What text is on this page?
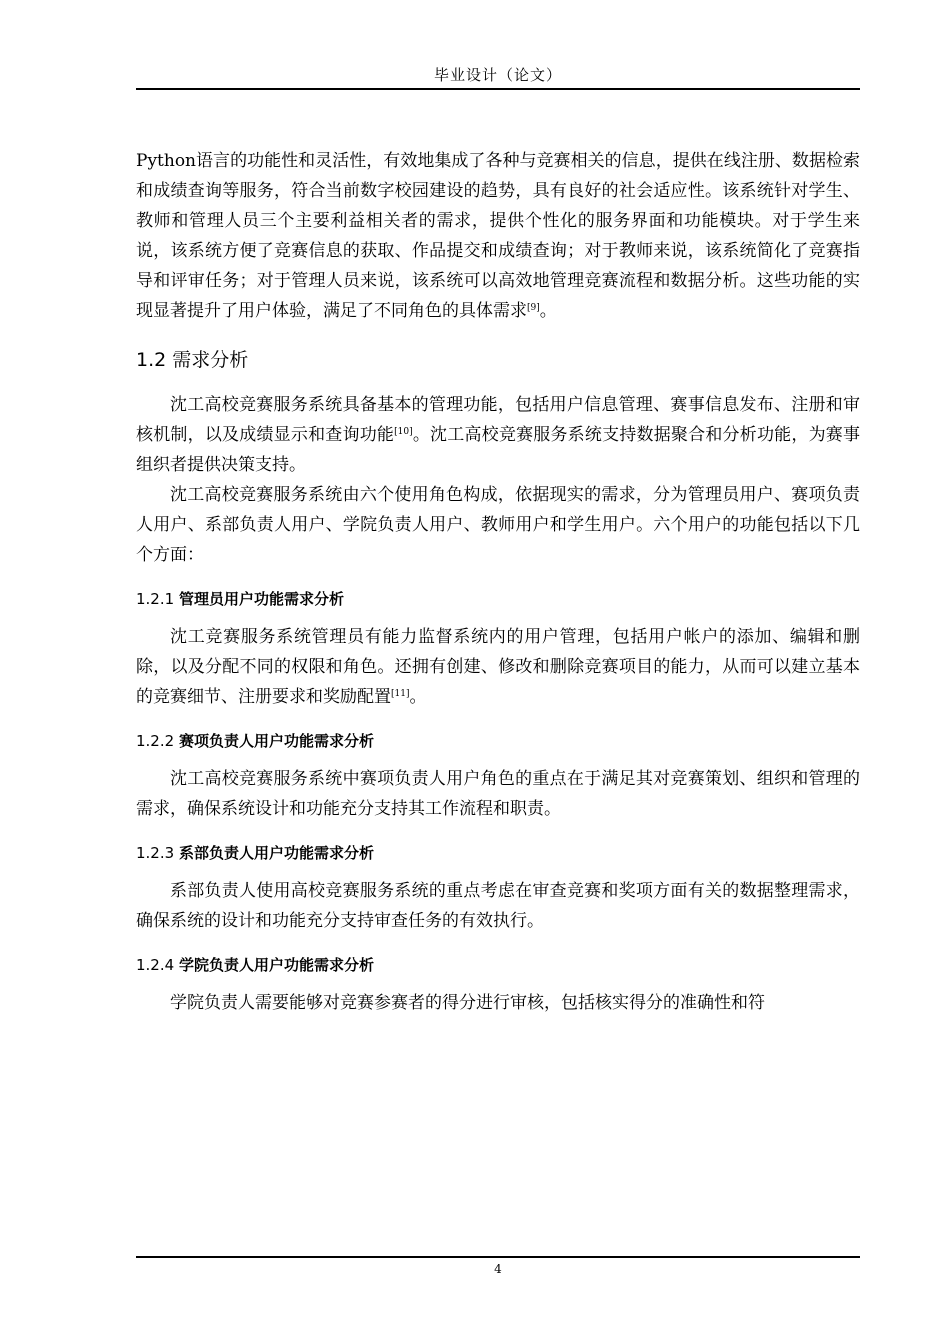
毕业设计（论文）

Python语言的功能性和灵活性，有效地集成了各种与竞赛相关的信息，提供在线注册、数据检索和成绩查询等服务，符合当前数字校园建设的趋势，具有良好的社会适应性。该系统针对学生、教师和管理人员三个主要利益相关者的需求，提供个性化的服务界面和功能模块。对于学生来说，该系统方便了竞赛信息的获取、作品提交和成绩查询；对于教师来说，该系统简化了竞赛指导和评审任务；对于管理人员来说，该系统可以高效地管理竞赛流程和数据分析。这些功能的实现显著提升了用户体验，满足了不同角色的具体需求[9]。

1.2 需求分析

沈工高校竞赛服务系统具备基本的管理功能，包括用户信息管理、赛事信息发布、注册和审核机制，以及成绩显示和查询功能[10]。沈工高校竞赛服务系统支持数据聚合和分析功能，为赛事组织者提供决策支持。

沈工高校竞赛服务系统由六个使用角色构成，依据现实的需求，分为管理员用户、赛项负责人用户、系部负责人用户、学院负责人用户、教师用户和学生用户。六个用户的功能包括以下几个方面：

1.2.1 管理员用户功能需求分析

沈工竞赛服务系统管理员有能力监督系统内的用户管理，包括用户帐户的添加、编辑和删除，以及分配不同的权限和角色。还拥有创建、修改和删除竞赛项目的能力，从而可以建立基本的竞赛细节、注册要求和奖励配置[11]。

1.2.2 赛项负责人用户功能需求分析

沈工高校竞赛服务系统中赛项负责人用户角色的重点在于满足其对竞赛策划、组织和管理的需求，确保系统设计和功能充分支持其工作流程和职责。

1.2.3 系部负责人用户功能需求分析

系部负责人使用高校竞赛服务系统的重点考虑在审查竞赛和奖项方面有关的数据整理需求，确保系统的设计和功能充分支持审查任务的有效执行。

1.2.4 学院负责人用户功能需求分析

学院负责人需要能够对竞赛参赛者的得分进行审核，包括核实得分的准确性和符

4
